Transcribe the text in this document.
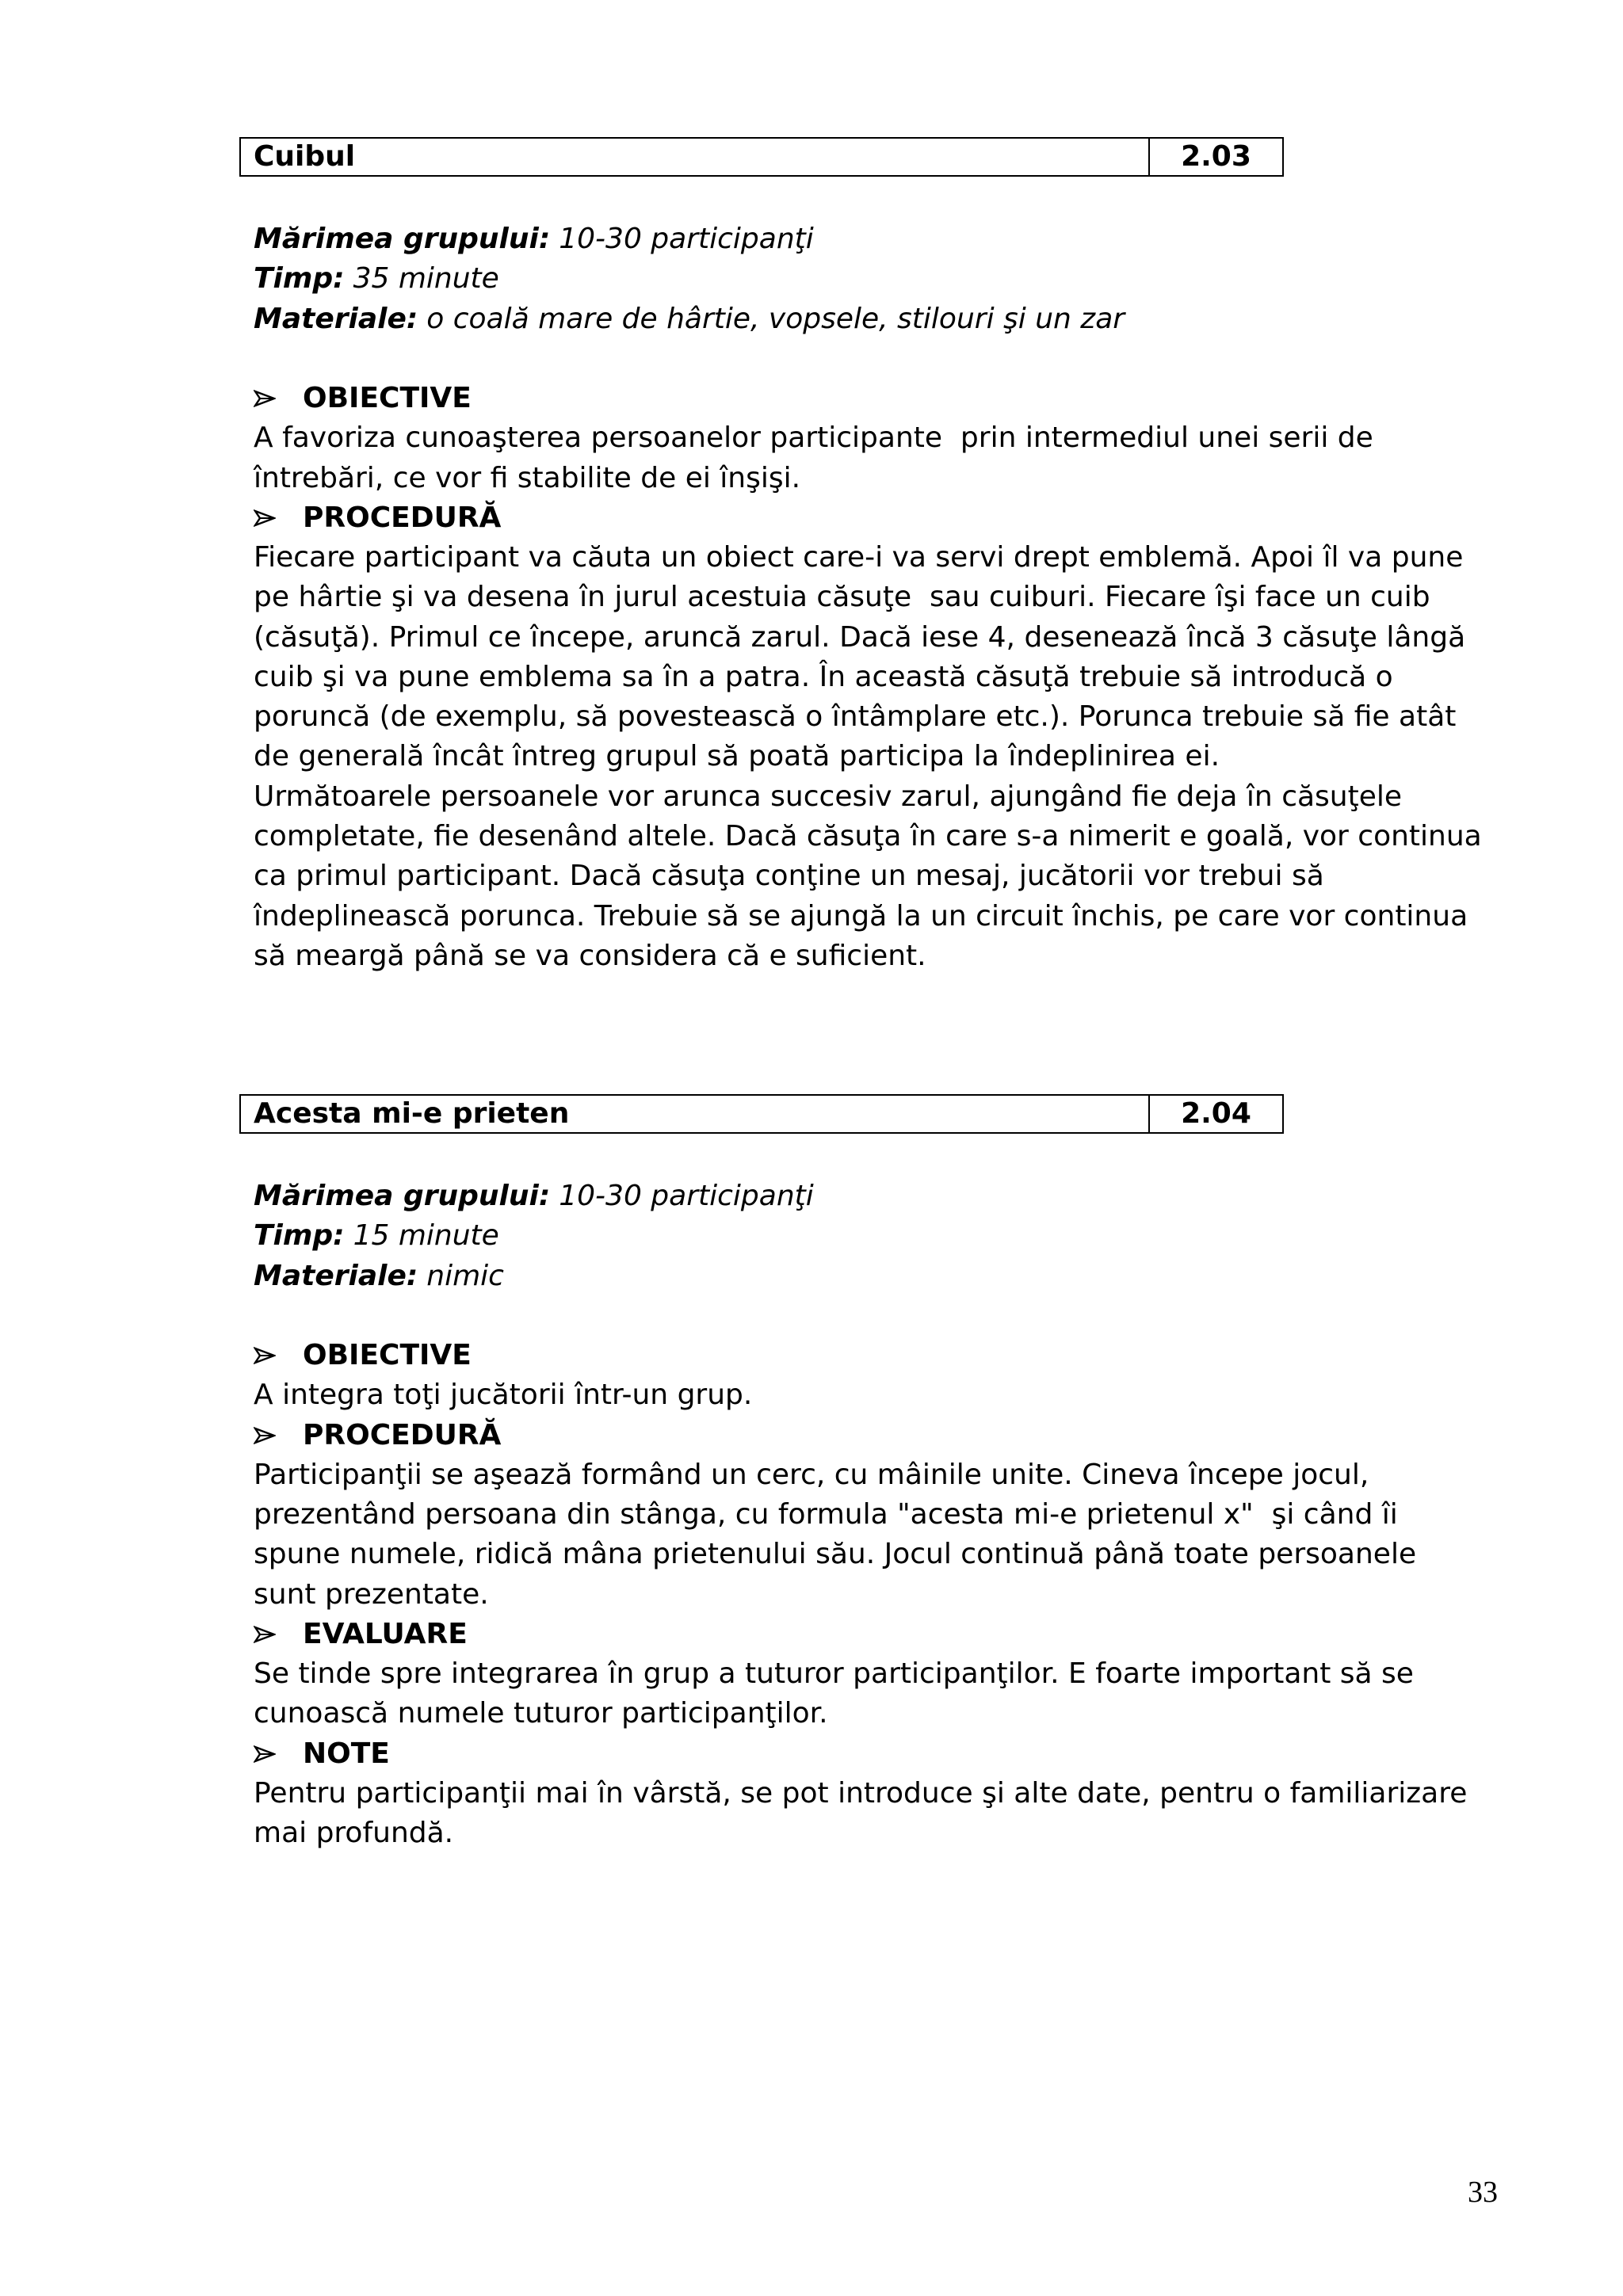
Cuibul	2.03
Mărimea grupului: 10-30 participanţi
Timp: 35 minute
Materiale: o coală mare de hârtie, vopsele, stilouri şi un zar
OBIECTIVE
A favoriza cunoaşterea persoanelor participante  prin intermediul unei serii de
întrebări, ce vor fi stabilite de ei înşişi.
PROCEDURĂ
Fiecare participant va căuta un obiect care-i va servi drept emblemă. Apoi îl va pune
pe hârtie şi va desena în jurul acestuia căsuţe  sau cuiburi. Fiecare îşi face un cuib
(căsuţă). Primul ce începe, aruncă zarul. Dacă iese 4, desenează încă 3 căsuţe lângă
cuib şi va pune emblema sa în a patra. În această căsuţă trebuie să introducă o
poruncă (de exemplu, să povestească o întâmplare etc.). Porunca trebuie să fie atât
de generală încât întreg grupul să poată participa la îndeplinirea ei.
Următoarele persoanele vor arunca succesiv zarul, ajungând fie deja în căsuţele
completate, fie desenând altele. Dacă căsuţa în care s-a nimerit e goală, vor continua
ca primul participant. Dacă căsuţa conţine un mesaj, jucătorii vor trebui să
îndeplinească porunca. Trebuie să se ajungă la un circuit închis, pe care vor continua
să meargă până se va considera că e suficient.
Acesta mi-e prieten	2.04
Mărimea grupului: 10-30 participanţi
Timp: 15 minute
Materiale: nimic
OBIECTIVE
A integra toţi jucătorii într-un grup.
PROCEDURĂ
Participanţii se aşează formând un cerc, cu mâinile unite. Cineva începe jocul,
prezentând persoana din stânga, cu formula "acesta mi-e prietenul x"  şi când îi
spune numele, ridică mâna prietenului său. Jocul continuă până toate persoanele
sunt prezentate.
EVALUARE
Se tinde spre integrarea în grup a tuturor participanţilor. E foarte important să se
cunoască numele tuturor participanţilor.
NOTE
Pentru participanţii mai în vârstă, se pot introduce şi alte date, pentru o familiarizare
mai profundă.
33
